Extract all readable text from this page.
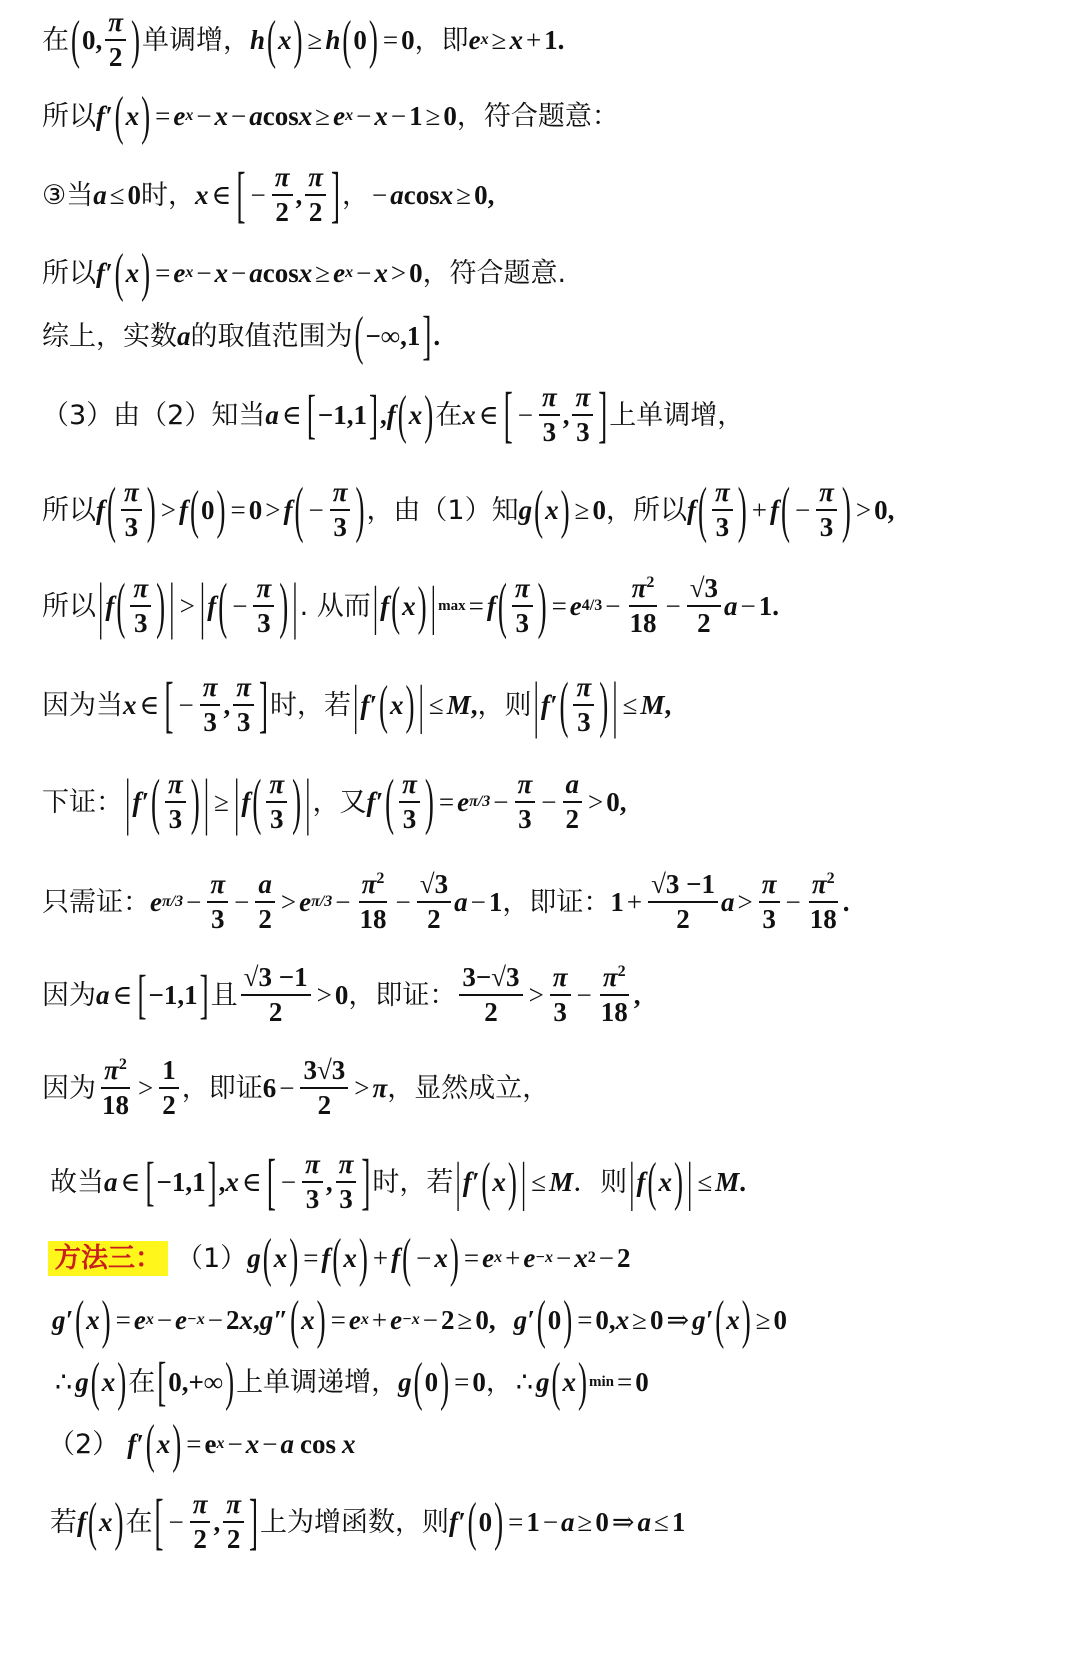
在 ( 0,
π
2 ) 单调增， h ( x ) ≥ h ( 0 ) = 0 ，即 e x ≥ x + 1 .
所以 f′ ( x ) = e x − x − a cos x ≥ e x − x − 1 ≥ 0 ，符合题意：
③当 a ≤ 0 时， x ∈ [ − $\frac{\pi}{2}$ ,
π
2 ] ， − a cos x ≥ 0 ,
所以 f′ ( x ) = e x − x − a cos x ≥ e x − x > 0 ，符合题意.
综上，实数 a 的取值范围为 ( −∞,1 ] .
（3）由（2）知当 a ∈ [ −1,1 ] , f ( x ) 在 x ∈ [ − $\frac{\pi}{3}$ ,
π
3 ] 上单调增，
所以 f ( π
3 ) > f ( 0 ) = 0 > f ( − $\frac{\pi}{3}$ ) ，由（1）知 g ( x ) ≥ 0 ，所以 f ( π
3 ) + f ( − $\frac{\pi}{3}$ ) > 0 ,
所以 | f ( π
3 ) | > | f ( − $\frac{\pi}{3}$ ) | . 从而 | f ( x ) | max = f ( π
3 ) = e $4/3 - \frac{\pi^2}{18} - \frac{√3}{2}$ a − 1 .
因为当 x ∈ [ − $\frac{\pi}{3}$ ,
π
3 ] 时，若 | f′ ( x ) | ≤ M , ，则 | f′ ( π
3 ) | ≤ M ,
下证： | f′ ( π
3 ) | ≥ | f ( π
3 ) | ，又 f′ ( π
3 ) = e $\pi/3 - \frac{\pi}{3} - \frac{a}{2} > 0$ ,
只需证： e $\pi/3 - \frac{\pi}{3} - \frac{a}{2} > e$ $\pi/3 - \frac{\pi^2}{18} - \frac{√3}{2}$ a − 1 ，即证： $1 + \frac{√3 -1}{2}$ a >
π
3
− $\frac{\pi^2}{18}$ .
因为 a ∈ [ −1,1 ] 且
√3 −1
2
> 0 ，即证：
3−√3
2
>
π
3
− $\frac{\pi^2}{18}$ ,
因为
$\pi^2$
18
>
1
2
，即证 $6 - \frac{3√3}{2} > \pi$ ，显然成立，
故当 a ∈ [ −1,1 ] , x ∈ [ − $\frac{\pi}{3}$ ,
π
3 ] 时，若 | f′ ( x ) | ≤ M ．则 | f ( x ) | ≤ M .
方法三： （1） g ( x ) = f ( x ) + f ( − x ) = e x + e −x − x 2 − 2
g′ ( x ) = e x − e −x − 2 x , g″ ( x ) = e x + e −x − 2 ≥ 0 , g′ ( 0 ) = 0, x ≥ 0 ⇒ g′ ( x ) ≥ 0
∴ g ( x ) 在 [ 0,+∞ ) 上单调递增， g ( 0 ) = 0 ， ∴ g ( x ) min = 0
（2） f′ ( x ) = e x − x − a cos x
若 f ( x ) 在 [ − $\frac{\pi}{2}$ ,
π
2 ] 上为增函数，则 f′ ( 0 ) = 1 − a ≥ 0 ⇒ a ≤ 1
